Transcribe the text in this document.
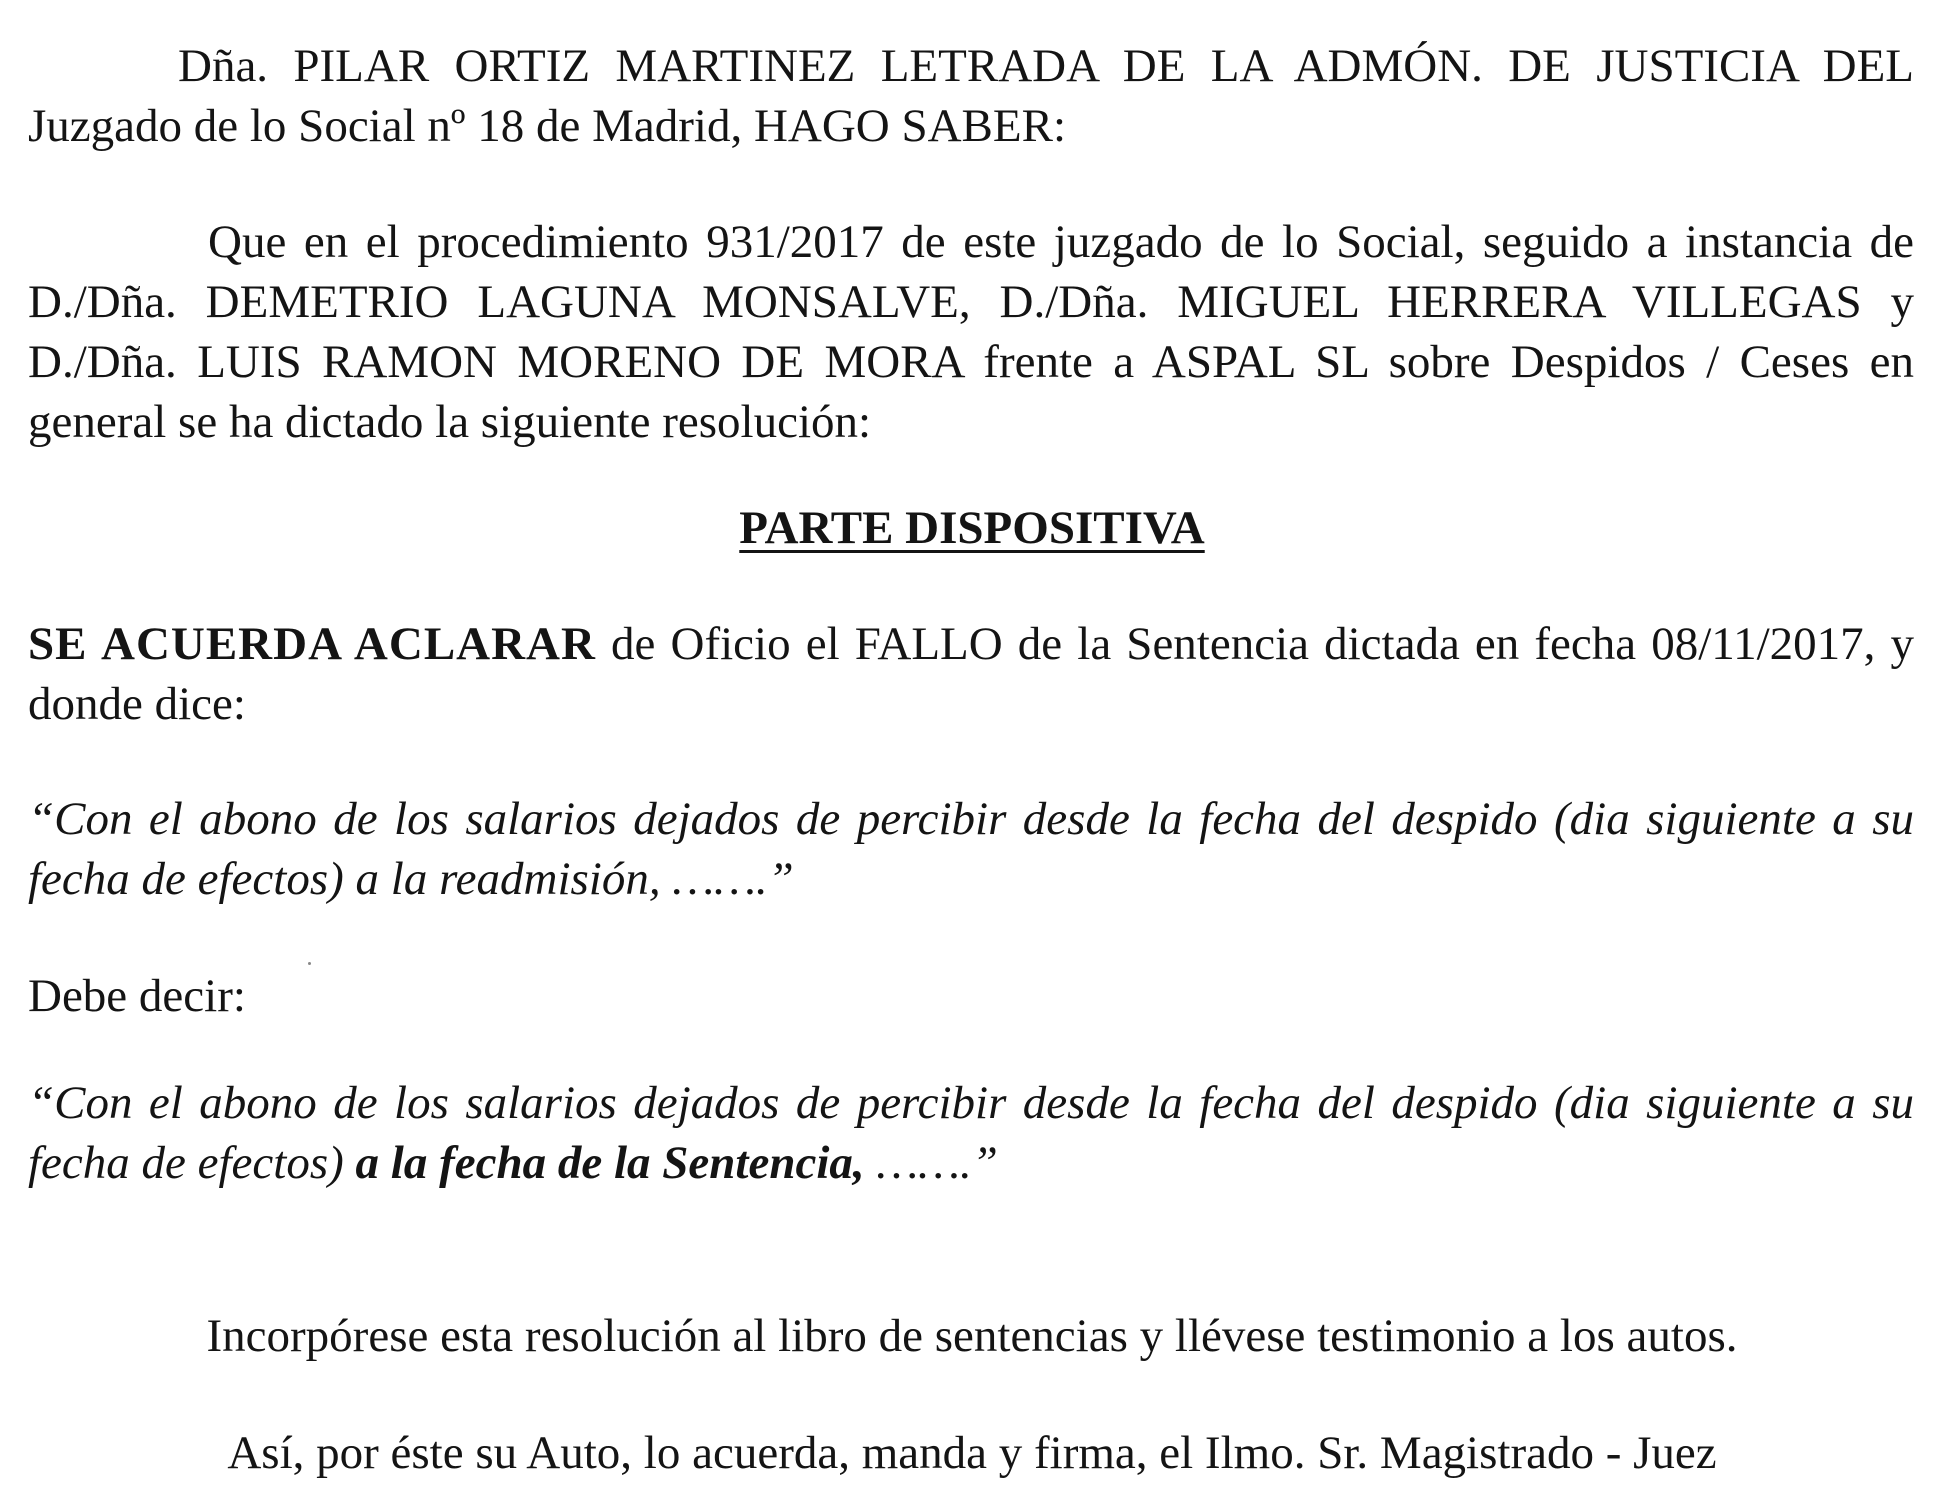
Dña. PILAR ORTIZ MARTINEZ LETRADA DE LA ADMÓN. DE JUSTICIA DEL Juzgado de lo Social nº 18 de Madrid, HAGO SABER:

Que en el procedimiento 931/2017 de este juzgado de lo Social, seguido a instancia de D./Dña. DEMETRIO LAGUNA MONSALVE, D./Dña. MIGUEL HERRERA VILLEGAS y D./Dña. LUIS RAMON MORENO DE MORA frente a ASPAL SL sobre Despidos / Ceses en general se ha dictado la siguiente resolución:

PARTE DISPOSITIVA

SE ACUERDA ACLARAR de Oficio el FALLO de la Sentencia dictada en fecha 08/11/2017, y donde dice:

“Con el abono de los salarios dejados de percibir desde la fecha del despido (dia siguiente a su fecha de efectos) a la readmisión, …….”

Debe decir:

“Con el abono de los salarios dejados de percibir desde la fecha del despido (dia siguiente a su fecha de efectos) a la fecha de la Sentencia, …….”

Incorpórese esta resolución al libro de sentencias y llévese testimonio a los autos.

Así, por éste su Auto, lo acuerda, manda y firma, el Ilmo. Sr. Magistrado - Juez
